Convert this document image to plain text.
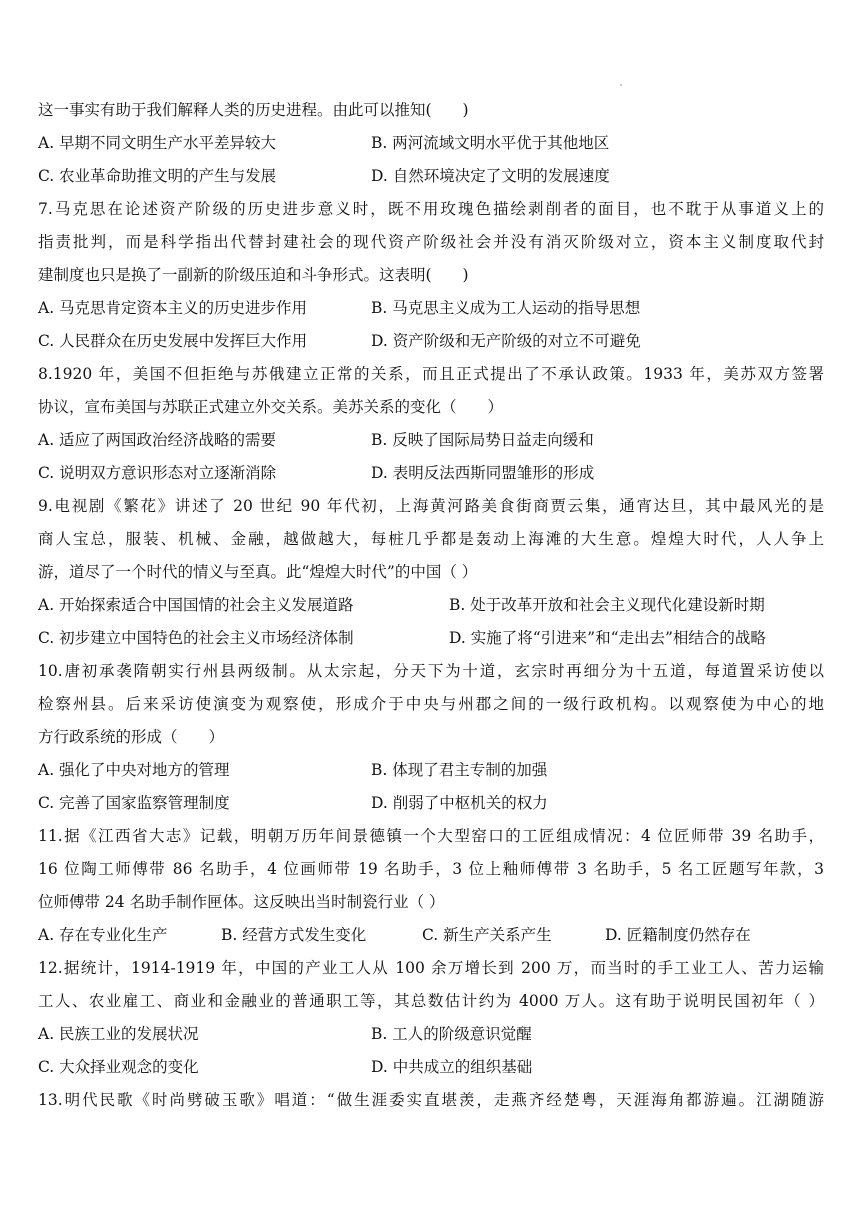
这一事实有助于我们解释人类的历史进程。由此可以推知(　　)
A. 早期不同文明生产水平差异较大	B. 两河流域文明水平优于其他地区
C. 农业革命助推文明的产生与发展	D. 自然环境决定了文明的发展速度
7.马克思在论述资产阶级的历史进步意义时，既不用玫瑰色描绘剥削者的面目，也不耽于从事道义上的
指责批判，而是科学指出代替封建社会的现代资产阶级社会并没有消灭阶级对立，资本主义制度取代封
建制度也只是换了一副新的阶级压迫和斗争形式。这表明(　　)
A. 马克思肯定资本主义的历史进步作用	B. 马克思主义成为工人运动的指导思想
C. 人民群众在历史发展中发挥巨大作用	D. 资产阶级和无产阶级的对立不可避免
8.1920 年，美国不但拒绝与苏俄建立正常的关系，而且正式提出了不承认政策。1933 年，美苏双方签署
协议，宣布美国与苏联正式建立外交关系。美苏关系的变化（　　）
A. 适应了两国政治经济战略的需要	B. 反映了国际局势日益走向缓和
C. 说明双方意识形态对立逐渐消除	D. 表明反法西斯同盟雏形的形成
9.电视剧《繁花》讲述了 20 世纪 90 年代初，上海黄河路美食街商贾云集，通宵达旦，其中最风光的是
商人宝总，服装、机械、金融，越做越大，每桩几乎都是轰动上海滩的大生意。煌煌大时代，人人争上
游，道尽了一个时代的情义与至真。此“煌煌大时代”的中国（ ）
A. 开始探索适合中国国情的社会主义发展道路	B. 处于改革开放和社会主义现代化建设新时期
C. 初步建立中国特色的社会主义市场经济体制	D. 实施了将“引进来”和“走出去”相结合的战略
10.唐初承袭隋朝实行州县两级制。从太宗起，分天下为十道，玄宗时再细分为十五道，每道置采访使以
检察州县。后来采访使演变为观察使，形成介于中央与州郡之间的一级行政机构。以观察使为中心的地
方行政系统的形成（　　）
A. 强化了中央对地方的管理	B. 体现了君主专制的加强
C. 完善了国家监察管理制度	D. 削弱了中枢机关的权力
11.据《江西省大志》记载，明朝万历年间景德镇一个大型窑口的工匠组成情况：4 位匠师带 39 名助手，
16 位陶工师傅带 86 名助手，4 位画师带 19 名助手，3 位上釉师傅带 3 名助手，5 名工匠题写年款，3
位师傅带 24 名助手制作匣体。这反映出当时制瓷行业（ ）
A. 存在专业化生产	B. 经营方式发生变化	C. 新生产关系产生	D. 匠籍制度仍然存在
12.据统计，1914-1919 年，中国的产业工人从 100 余万增长到 200 万，而当时的手工业工人、苦力运输
工人、农业雇工、商业和金融业的普通职工等，其总数估计约为 4000 万人。这有助于说明民国初年（ ）
A. 民族工业的发展状况	B. 工人的阶级意识觉醒
C. 大众择业观念的变化	D. 中共成立的组织基础
13.明代民歌《时尚劈破玉歌》唱道：“做生涯委实直堪羡，走燕齐经楚粤，天涯海角都游遍。江湖随游
